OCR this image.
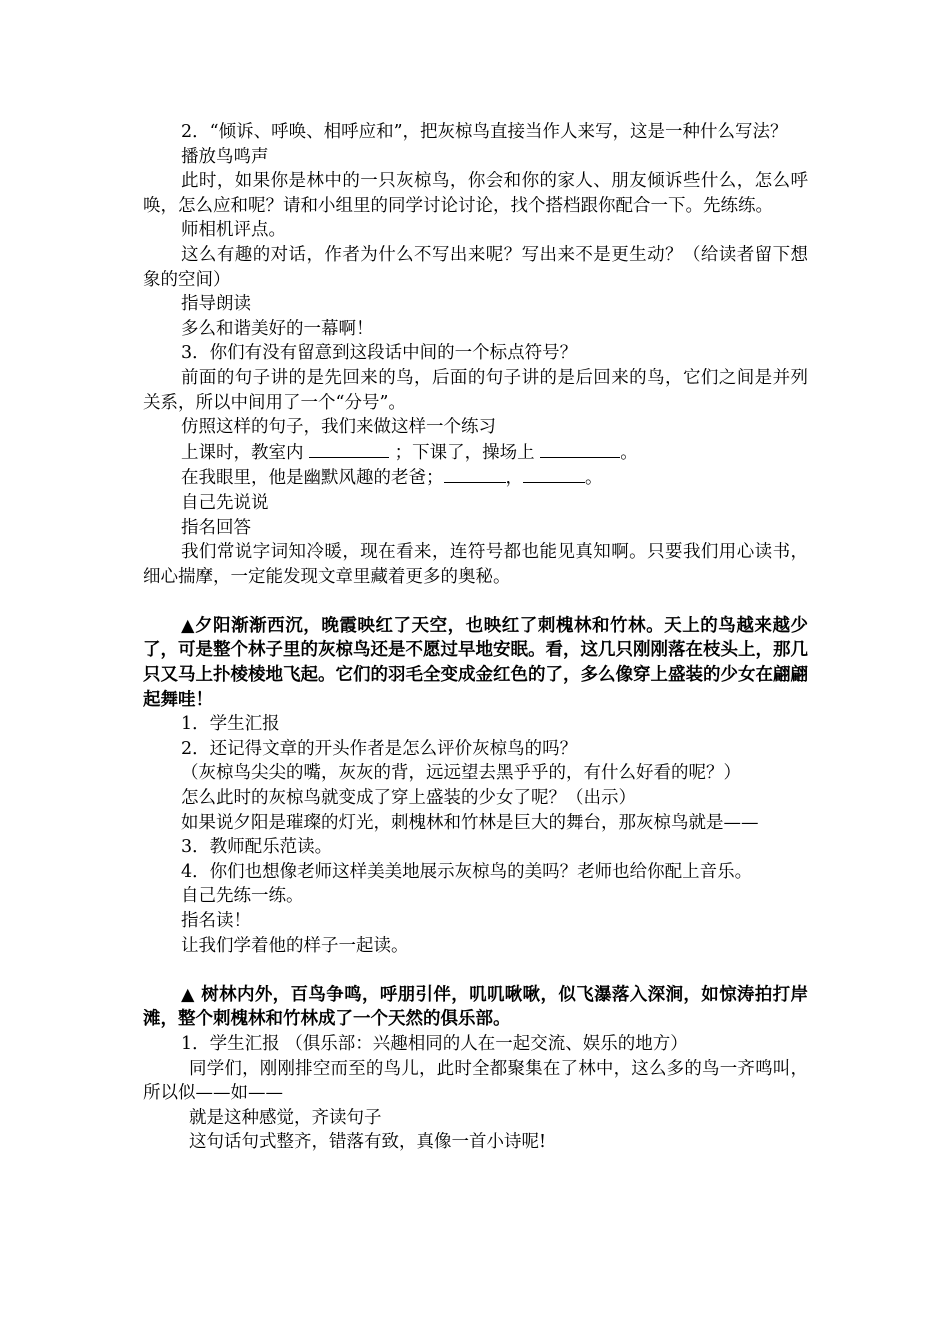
2．“倾诉、呼唤、相呼应和”，把灰椋鸟直接当作人来写，这是一种什么写法？

播放鸟鸣声

此时，如果你是林中的一只灰椋鸟，你会和你的家人、朋友倾诉些什么，怎么呼唤，怎么应和呢？请和小组里的同学讨论讨论，找个搭档跟你配合一下。先练练。

师相机评点。

这么有趣的对话，作者为什么不写出来呢？写出来不是更生动？（给读者留下想象的空间）

指导朗读

多么和谐美好的一幕啊！

3．你们有没有留意到这段话中间的一个标点符号？

前面的句子讲的是先回来的鸟，后面的句子讲的是后回来的鸟，它们之间是并列关系，所以中间用了一个“分号”。

仿照这样的句子，我们来做这样一个练习

上课时，教室内	；下课了，操场上	。

在我眼里，他是幽默风趣的老爸；	，	。

自己先说说

指名回答

我们常说字词知冷暖，现在看来，连符号都也能见真知啊。只要我们用心读书，细心揣摩，一定能发现文章里藏着更多的奥秘。

▲夕阳渐渐西沉，晚霞映红了天空，也映红了刺槐林和竹林。天上的鸟越来越少了，可是整个林子里的灰椋鸟还是不愿过早地安眠。看，这几只刚刚落在枝头上，那几只又马上扑棱棱地飞起。它们的羽毛全变成金红色的了，多么像穿上盛装的少女在翩翩起舞哇！

1．学生汇报

2．还记得文章的开头作者是怎么评价灰椋鸟的吗？

（灰椋鸟尖尖的嘴，灰灰的背，远远望去黑乎乎的，有什么好看的呢？）

怎么此时的灰椋鸟就变成了穿上盛装的少女了呢？（出示）

如果说夕阳是璀璨的灯光，刺槐林和竹林是巨大的舞台，那灰椋鸟就是——

3．教师配乐范读。

4．你们也想像老师这样美美地展示灰椋鸟的美吗？老师也给你配上音乐。

自己先练一练。

指名读！

让我们学着他的样子一起读。

▲ 树林内外，百鸟争鸣，呼朋引伴，叽叽啾啾，似飞瀑落入深涧，如惊涛拍打岸滩，整个刺槐林和竹林成了一个天然的俱乐部。

1．学生汇报 （俱乐部：兴趣相同的人在一起交流、娱乐的地方）

同学们，刚刚排空而至的鸟儿，此时全都聚集在了林中，这么多的鸟一齐鸣叫，所以似——如——

就是这种感觉，齐读句子

这句话句式整齐，错落有致，真像一首小诗呢!
